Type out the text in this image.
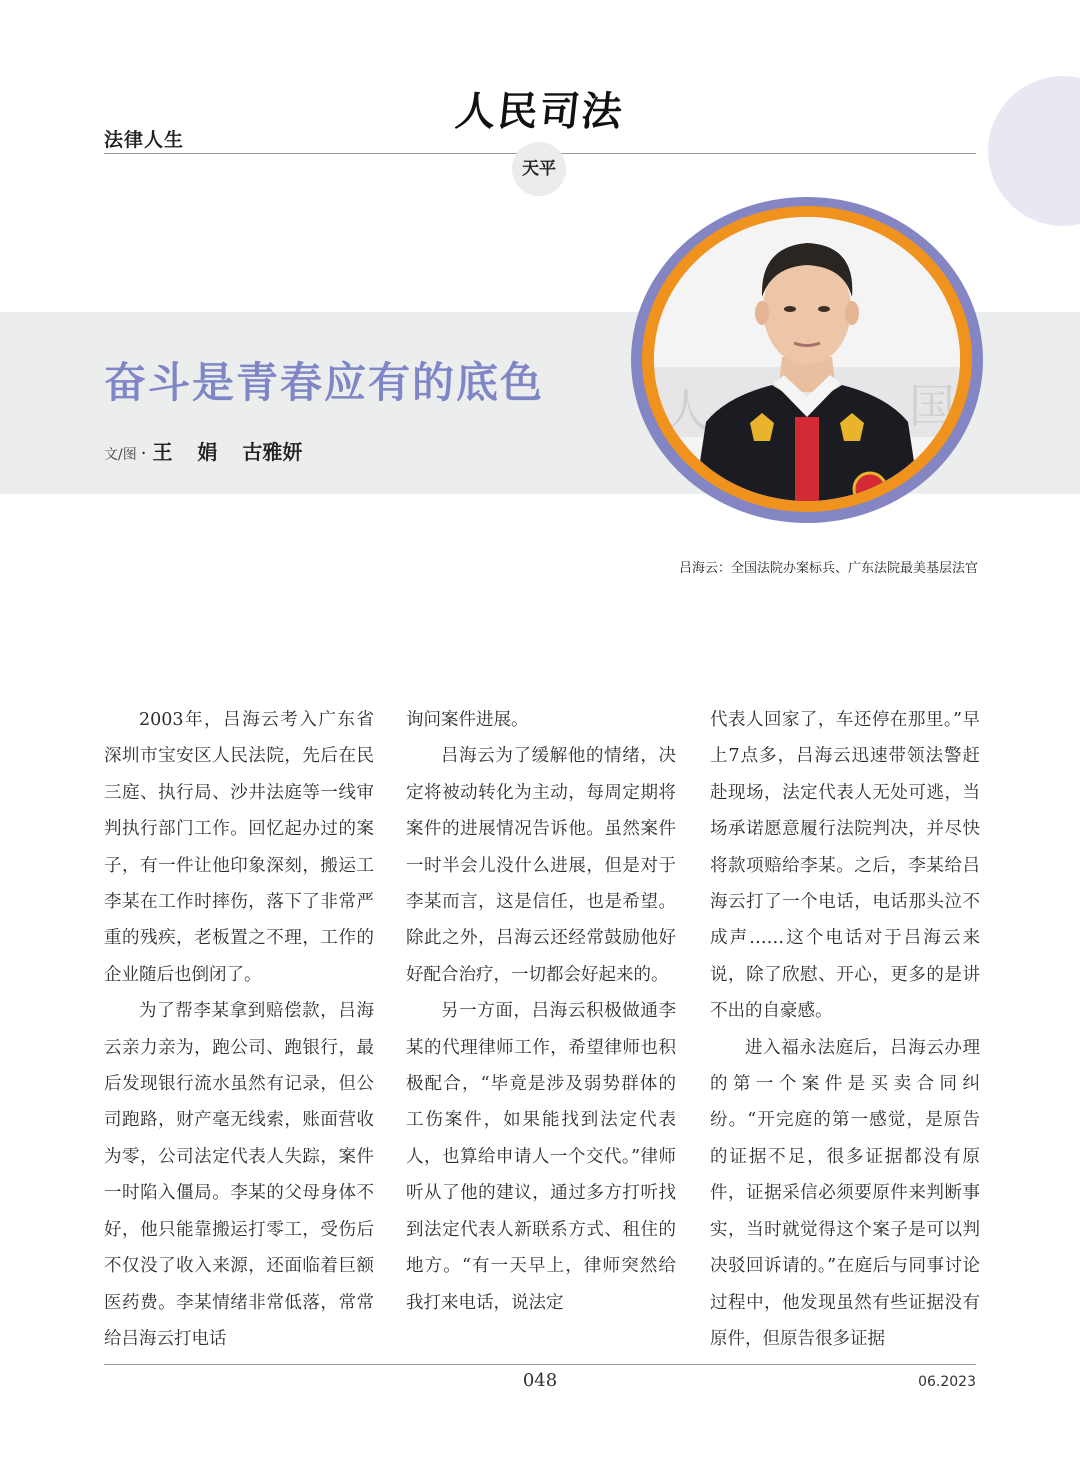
法律人生
人民司法
天平
奋斗是青春应有的底色
文/图 · 王 娟 古雅妍
人	国
吕海云：全国法院办案标兵、广东法院最美基层法官

2003年，吕海云考入广东省深圳市宝安区人民法院，先后在民三庭、执行局、沙井法庭等一线审判执行部门工作。回忆起办过的案子，有一件让他印象深刻，搬运工李某在工作时摔伤，落下了非常严重的残疾，老板置之不理，工作的企业随后也倒闭了。

为了帮李某拿到赔偿款，吕海云亲力亲为，跑公司、跑银行，最后发现银行流水虽然有记录，但公司跑路，财产毫无线索，账面营收为零，公司法定代表人失踪，案件一时陷入僵局。李某的父母身体不好，他只能靠搬运打零工，受伤后不仅没了收入来源，还面临着巨额医药费。李某情绪非常低落，常常给吕海云打电话

询问案件进展。

吕海云为了缓解他的情绪，决定将被动转化为主动，每周定期将案件的进展情况告诉他。虽然案件一时半会儿没什么进展，但是对于李某而言，这是信任，也是希望。除此之外，吕海云还经常鼓励他好好配合治疗，一切都会好起来的。

另一方面，吕海云积极做通李某的代理律师工作，希望律师也积极配合，“毕竟是涉及弱势群体的工伤案件，如果能找到法定代表人，也算给申请人一个交代。”律师听从了他的建议，通过多方打听找到法定代表人新联系方式、租住的地方。“有一天早上，律师突然给我打来电话，说法定

代表人回家了，车还停在那里。”早上7点多，吕海云迅速带领法警赶赴现场，法定代表人无处可逃，当场承诺愿意履行法院判决，并尽快将款项赔给李某。之后，李某给吕海云打了一个电话，电话那头泣不成声……这个电话对于吕海云来说，除了欣慰、开心，更多的是讲不出的自豪感。

进入福永法庭后，吕海云办理的第一个案件是买卖合同纠纷。“开完庭的第一感觉，是原告的证据不足，很多证据都没有原件，证据采信必须要原件来判断事实，当时就觉得这个案子是可以判决驳回诉请的。”在庭后与同事讨论过程中，他发现虽然有些证据没有原件，但原告很多证据

048	06.2023
